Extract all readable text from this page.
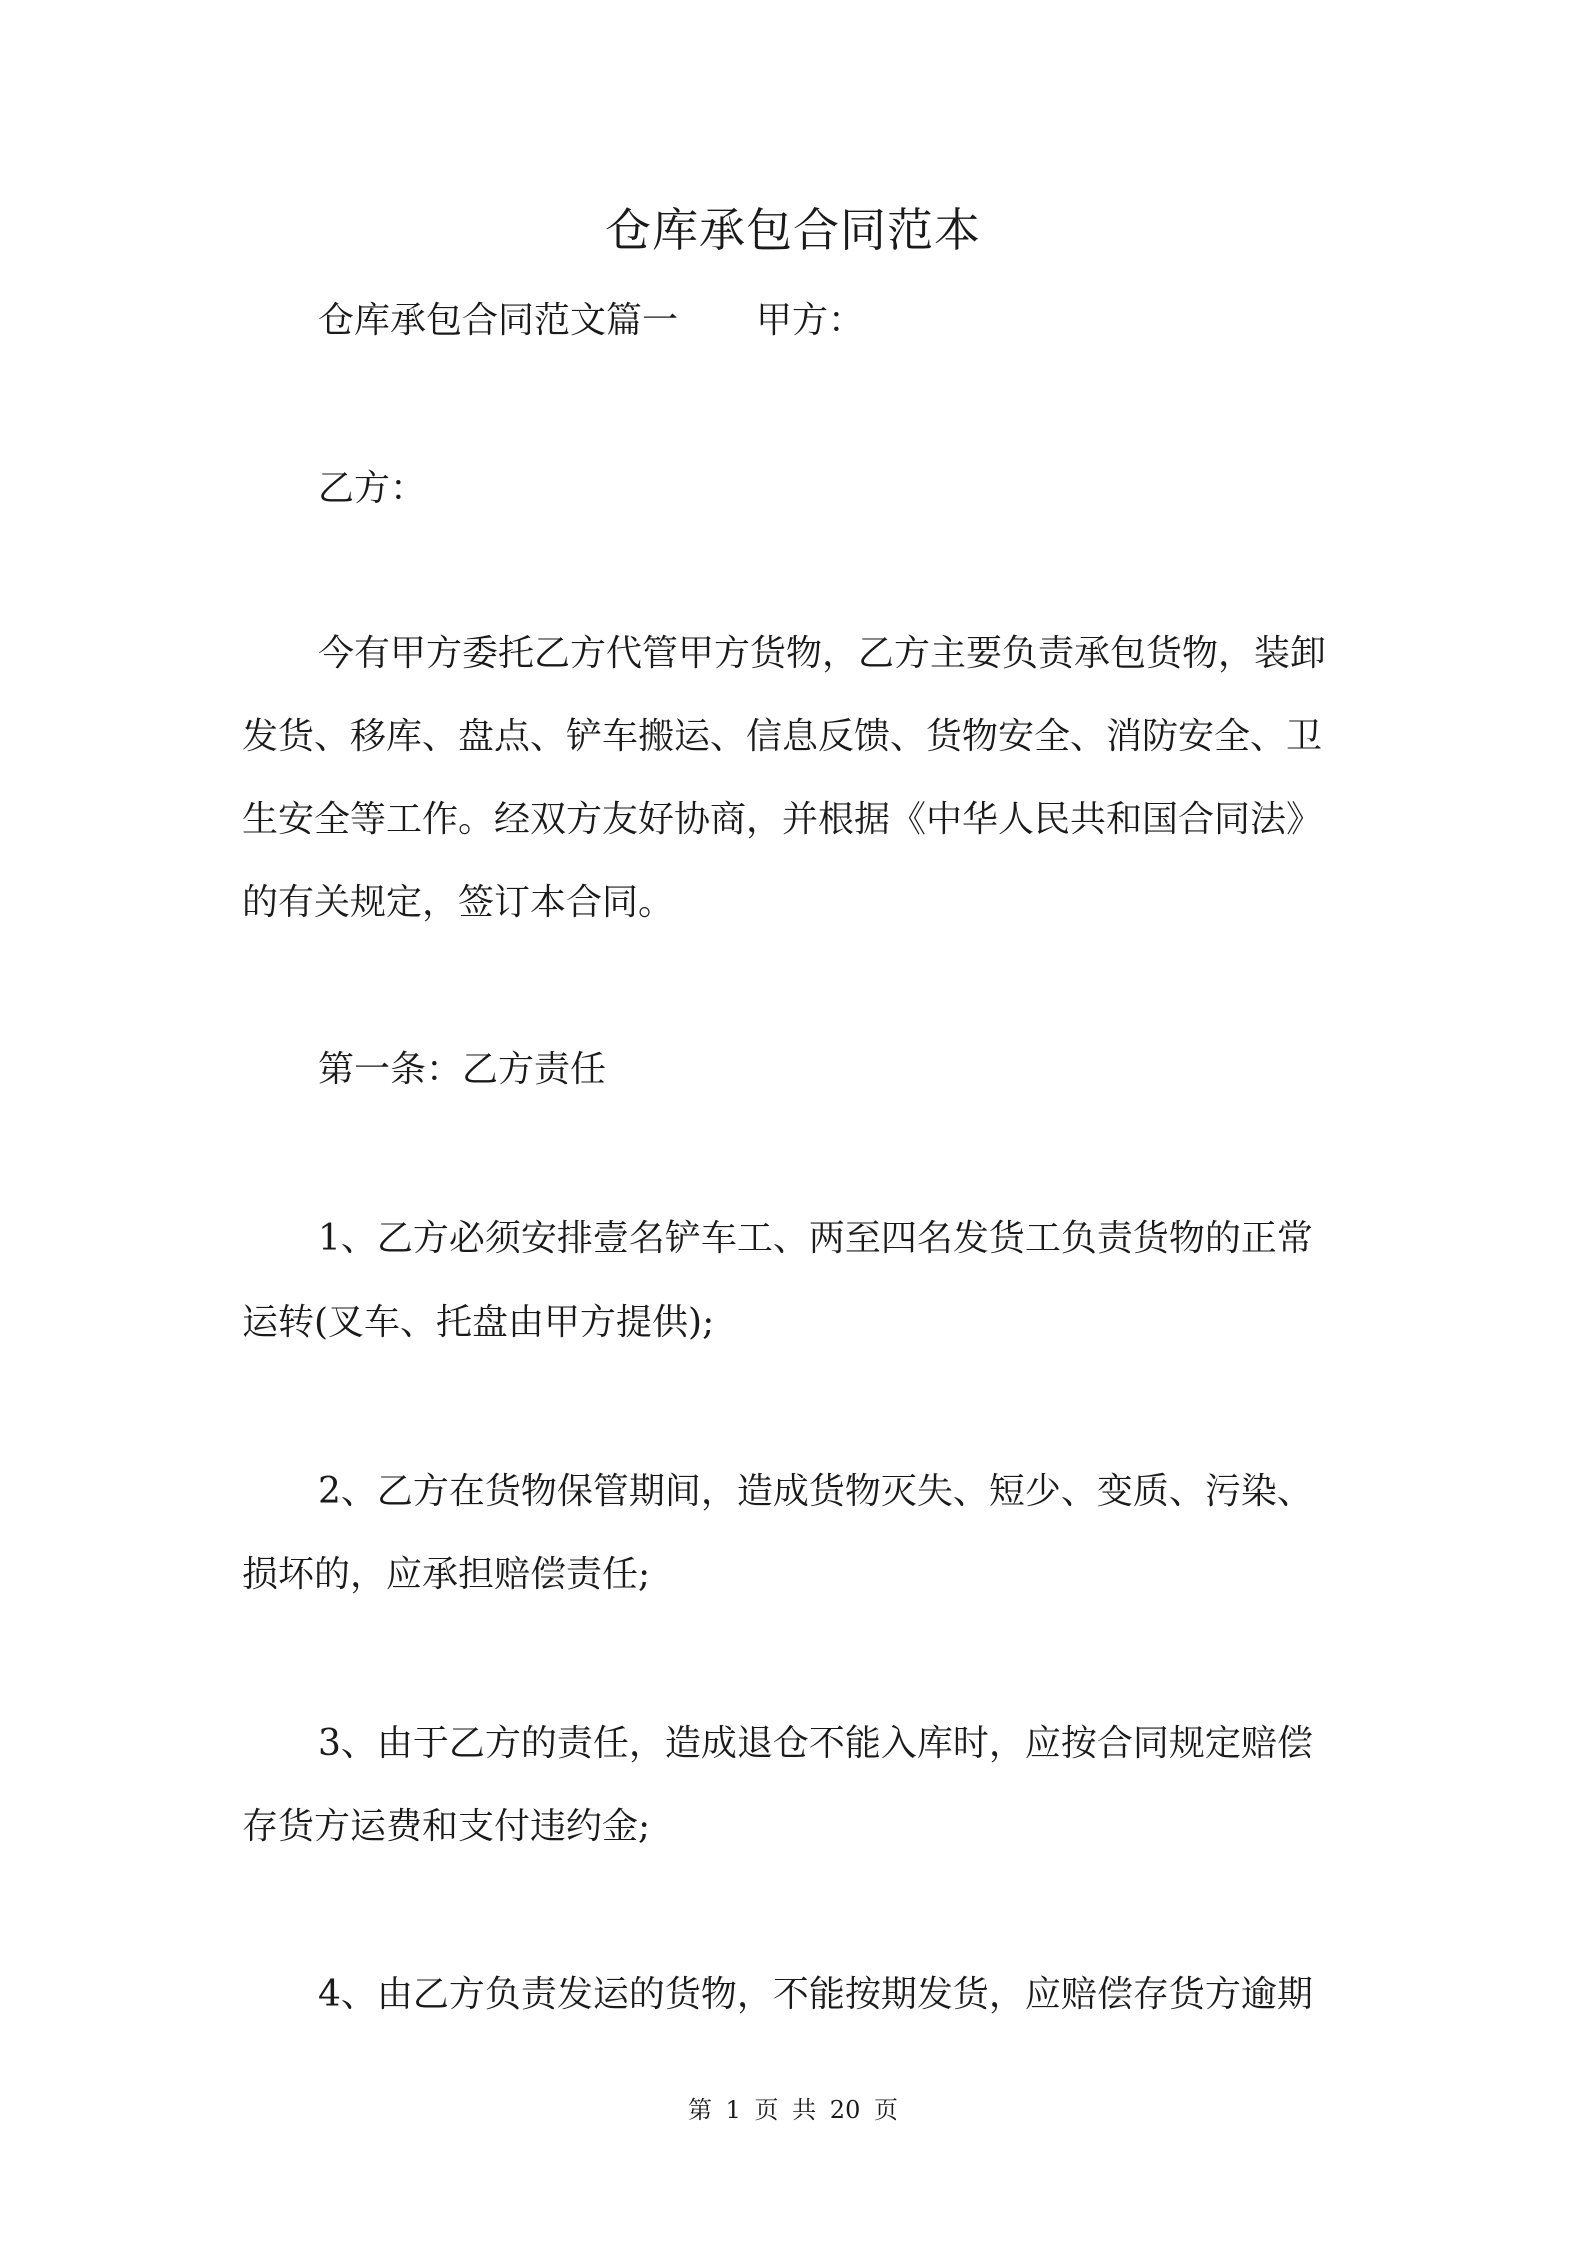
仓库承包合同范本

仓库承包合同范文篇一 甲方：

乙方：

今有甲方委托乙方代管甲方货物，乙方主要负责承包货物，装卸

发货、移库、盘点、铲车搬运、信息反馈、货物安全、消防安全、卫

生安全等工作。经双方友好协商，并根据《中华人民共和国合同法》

的有关规定，签订本合同。

第一条：乙方责任

1、乙方必须安排壹名铲车工、两至四名发货工负责货物的正常

运转(叉车、托盘由甲方提供);

2、乙方在货物保管期间，造成货物灭失、短少、变质、污染、

损坏的，应承担赔偿责任;

3、由于乙方的责任，造成退仓不能入库时，应按合同规定赔偿

存货方运费和支付违约金;

4、由乙方负责发运的货物，不能按期发货，应赔偿存货方逾期

第 1 页 共 20 页
